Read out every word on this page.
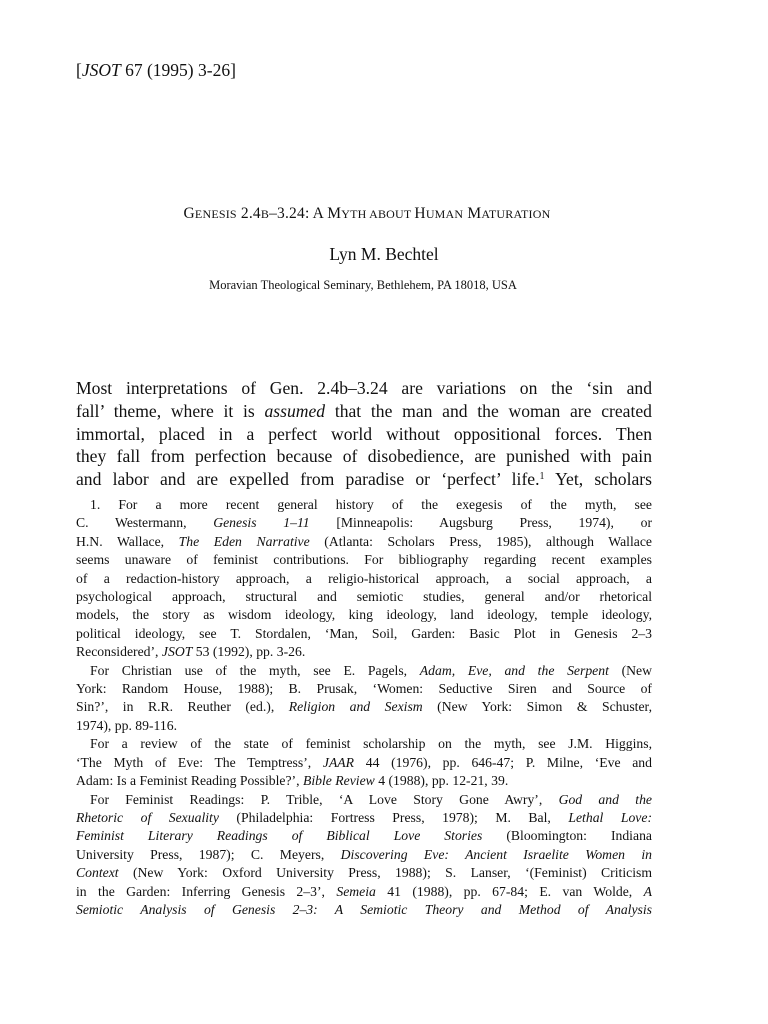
[JSOT 67 (1995) 3-26]
GENESIS 2.4B–3.24: A MYTH ABOUT HUMAN MATURATION
Lyn M. Bechtel
Moravian Theological Seminary, Bethlehem, PA 18018, USA
Most interpretations of Gen. 2.4b–3.24 are variations on the ‘sin and
fall’ theme, where it is assumed that the man and the woman are created
immortal, placed in a perfect world without oppositional forces. Then
they fall from perfection because of disobedience, are punished with pain
and labor and are expelled from paradise or ‘perfect’ life.$^1$ Yet, scholars
1. For a more recent general history of the exegesis of the myth, see
C. Westermann, Genesis 1–11 [Minneapolis: Augsburg Press, 1974), or
H.N. Wallace, The Eden Narrative (Atlanta: Scholars Press, 1985), although Wallace
seems unaware of feminist contributions. For bibliography regarding recent examples
of a redaction-history approach, a religio-historical approach, a social approach, a
psychological approach, structural and semiotic studies, general and/or rhetorical
models, the story as wisdom ideology, king ideology, land ideology, temple ideology,
political ideology, see T. Stordalen, ‘Man, Soil, Garden: Basic Plot in Genesis 2–3
Reconsidered’, JSOT 53 (1992), pp. 3-26.
For Christian use of the myth, see E. Pagels, Adam, Eve, and the Serpent (New
York: Random House, 1988); B. Prusak, ‘Women: Seductive Siren and Source of
Sin?’, in R.R. Reuther (ed.), Religion and Sexism (New York: Simon & Schuster,
1974), pp. 89-116.
For a review of the state of feminist scholarship on the myth, see J.M. Higgins,
‘The Myth of Eve: The Temptress’, JAAR 44 (1976), pp. 646-47; P. Milne, ‘Eve and
Adam: Is a Feminist Reading Possible?’, Bible Review 4 (1988), pp. 12-21, 39.
For Feminist Readings: P. Trible, ‘A Love Story Gone Awry’, God and the
Rhetoric of Sexuality (Philadelphia: Fortress Press, 1978); M. Bal, Lethal Love:
Feminist Literary Readings of Biblical Love Stories (Bloomington: Indiana
University Press, 1987); C. Meyers, Discovering Eve: Ancient Israelite Women in
Context (New York: Oxford University Press, 1988); S. Lanser, ‘(Feminist) Criticism
in the Garden: Inferring Genesis 2–3’, Semeia 41 (1988), pp. 67-84; E. van Wolde, A
Semiotic Analysis of Genesis 2–3: A Semiotic Theory and Method of Analysis
